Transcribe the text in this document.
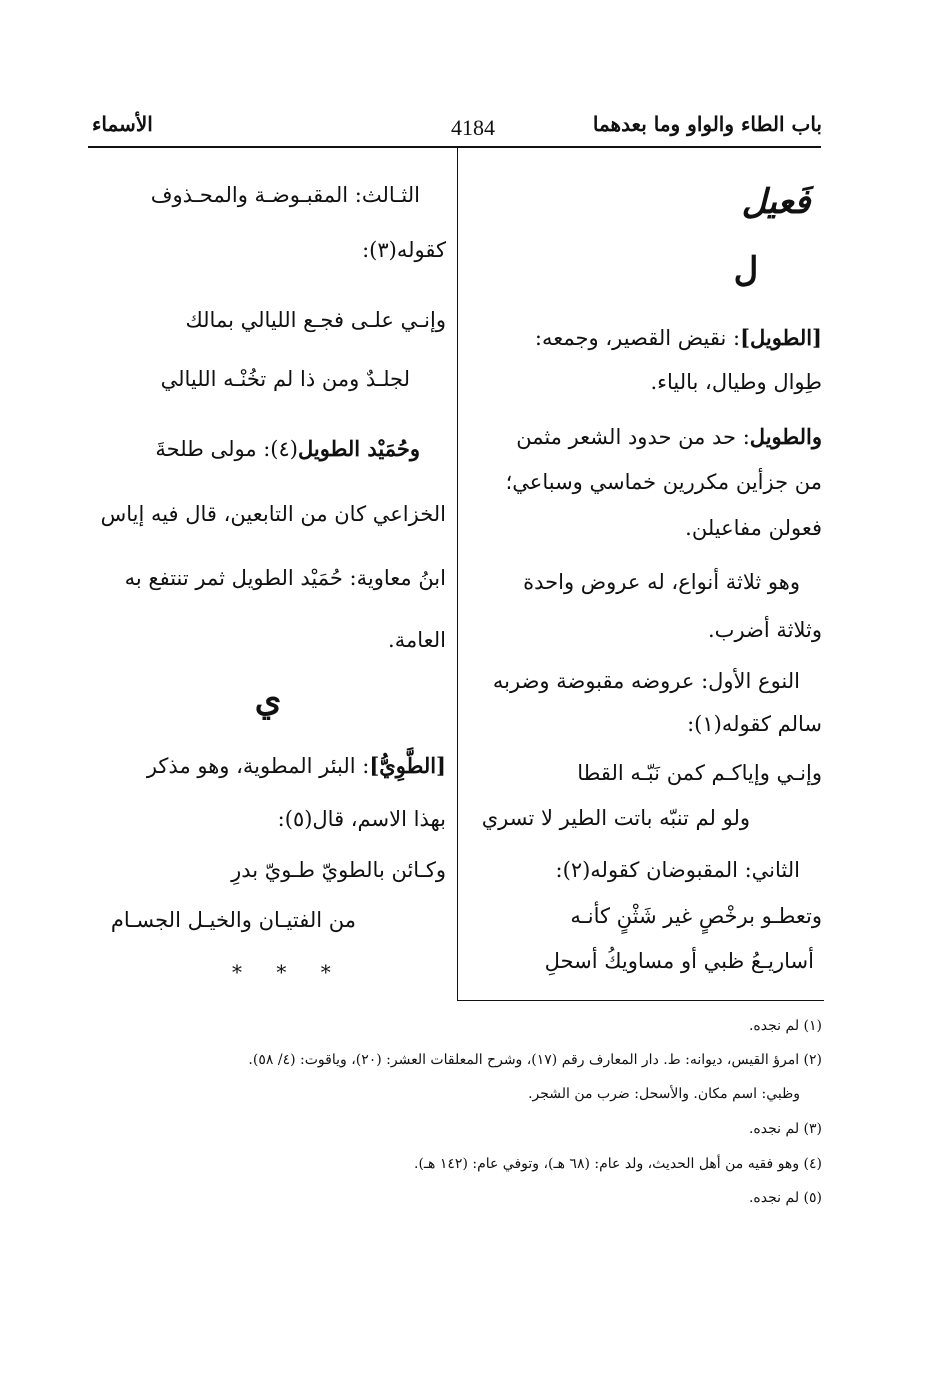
باب الطاء والواو وما بعدهما
4184
الأسماء
فَعيل
ل
[الطويل]: نقيض القصير، وجمعه:
طِوال وطيال، بالياء.
والطويل: حد من حدود الشعر مثمن
من جزأين مكررين خماسي وسباعي؛
فعولن مفاعيلن.
وهو ثلاثة أنواع، له عروض واحدة
وثلاثة أضرب.
النوع الأول: عروضه مقبوضة وضربه
سالم كقوله(١):
وإنـي وإياكـم كمن نَبّـه القطا
ولو لم تنبّه باتت الطير لا تسري
الثاني: المقبوضان كقوله(٢):
وتعطـو برخْصٍ غير شَثْنٍ كأنـه
أساريـعُ ظبي أو مساويكُ أسحلِ
الثـالث: المقبـوضـة والمحـذوف
كقوله(٣):
وإنـي علـى فجـع الليالي بمالك
لجلـدٌ ومن ذا لم تخُنْـه الليالي
وحُمَيْد الطويل(٤): مولى طلحةَ
الخزاعي كان من التابعين، قال فيه إياس
ابنُ معاوية: حُمَيْد الطويل ثمر تنتفع به
العامة.
ي
[الطَّوِيُّ]: البئر المطوية، وهو مذكر
بهذا الاسم، قال(٥):
وكـائن بالطويّ طـويّ بدرِ
من الفتيـان والخيـل الجسـام
* * *
(١) لم نجده.
(٢) امرؤ القيس، ديوانه: ط. دار المعارف رقم (١٧)، وشرح المعلقات العشر: (٢٠)، وياقوت: (٤/ ٥٨).
وظبي: اسم مكان. والأسحل: ضرب من الشجر.
(٣) لم نجده.
(٤) وهو فقيه من أهل الحديث، ولد عام: (٦٨ هـ)، وتوفي عام: (١٤٢ هـ).
(٥) لم نجده.
